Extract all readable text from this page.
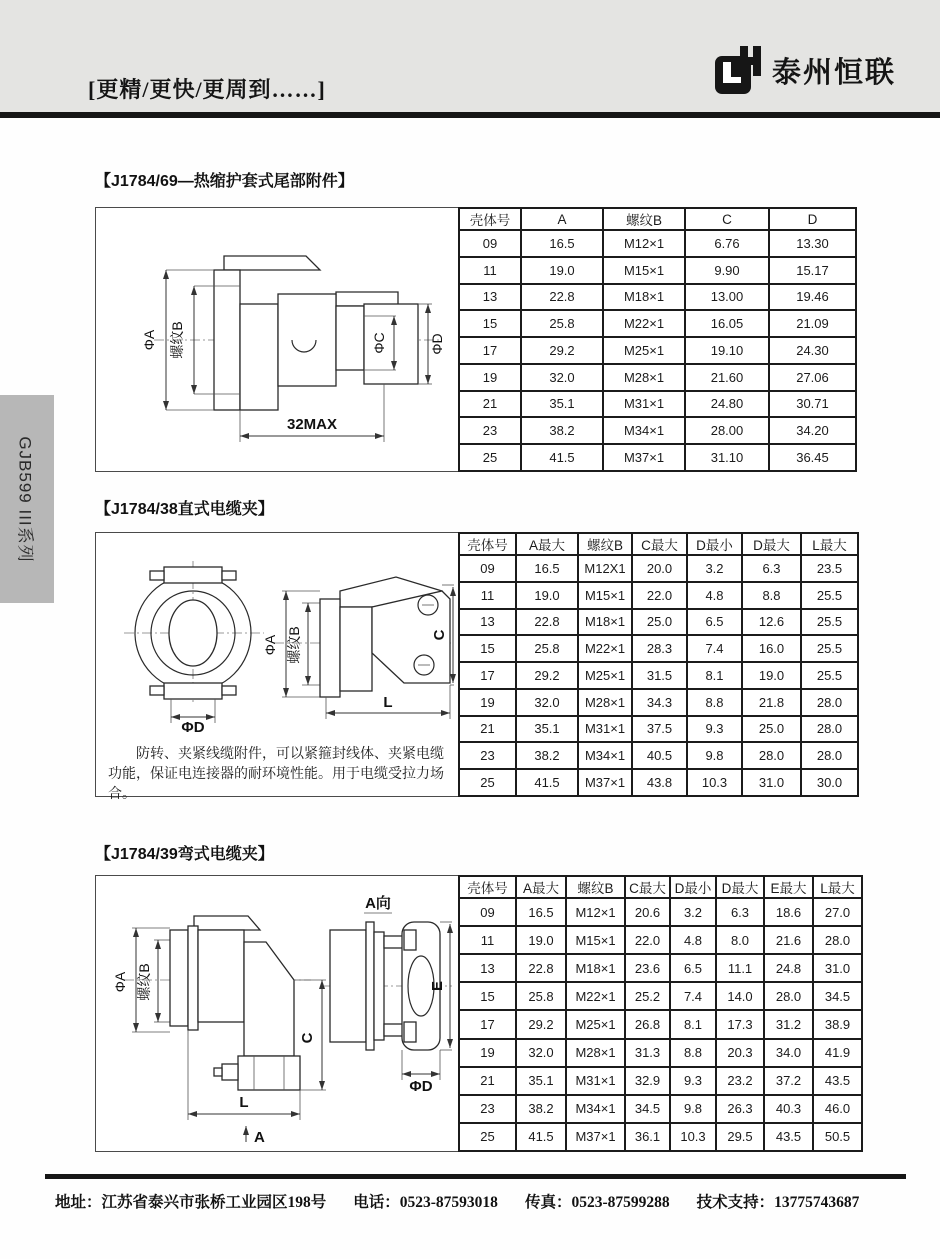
[更精/更快/更周到……]
泰州恒联
GJB599 III系列
【J1784/69—热缩护套式尾部附件】
ΦA 螺纹B	ΦC	ΦD
32MAX
壳体号	A	螺纹B	C	D
09	16.5	M12×1	6.76	13.30
11	19.0	M15×1	9.90	15.17
13	22.8	M18×1	13.00	19.46
15	25.8	M22×1	16.05	21.09
17	29.2	M25×1	19.10	24.30
19	32.0	M28×1	21.60	27.06
21	35.1	M31×1	24.80	30.71
23	38.2	M34×1	28.00	34.20
25	41.5	M37×1	31.10	36.45
【J1784/38直式电缆夹】
ΦD
ΦA 螺纹B	C
L

防转、夹紧线缆附件，可以紧箍封线体、夹紧电缆功能，保证电连接器的耐环境性能。用于电缆受拉力场合。

壳体号	A最大	螺纹B	C最大	D最小	D最大	L最大
09	16.5	M12X1	20.0	3.2	6.3	23.5
11	19.0	M15×1	22.0	4.8	8.8	25.5
13	22.8	M18×1	25.0	6.5	12.6	25.5
15	25.8	M22×1	28.3	7.4	16.0	25.5
17	29.2	M25×1	31.5	8.1	19.0	25.5
19	32.0	M28×1	34.3	8.8	21.8	28.0
21	35.1	M31×1	37.5	9.3	25.0	28.0
23	38.2	M34×1	40.5	9.8	28.0	28.0
25	41.5	M37×1	43.8	10.3	31.0	30.0
【J1784/39弯式电缆夹】
ΦA 螺纹B
C
L
A
A向
E
ΦD
壳体号	A最大	螺纹B	C最大	D最小	D最大	E最大	L最大
09	16.5	M12×1	20.6	3.2	6.3	18.6	27.0
11	19.0	M15×1	22.0	4.8	8.0	21.6	28.0
13	22.8	M18×1	23.6	6.5	11.1	24.8	31.0
15	25.8	M22×1	25.2	7.4	14.0	28.0	34.5
17	29.2	M25×1	26.8	8.1	17.3	31.2	38.9
19	32.0	M28×1	31.3	8.8	20.3	34.0	41.9
21	35.1	M31×1	32.9	9.3	23.2	37.2	43.5
23	38.2	M34×1	34.5	9.8	26.3	40.3	46.0
25	41.5	M37×1	36.1	10.3	29.5	43.5	50.5
地址：江苏省泰兴市张桥工业园区198号 电话：0523-87593018 传真：0523-87599288 技术支持：13775743687
